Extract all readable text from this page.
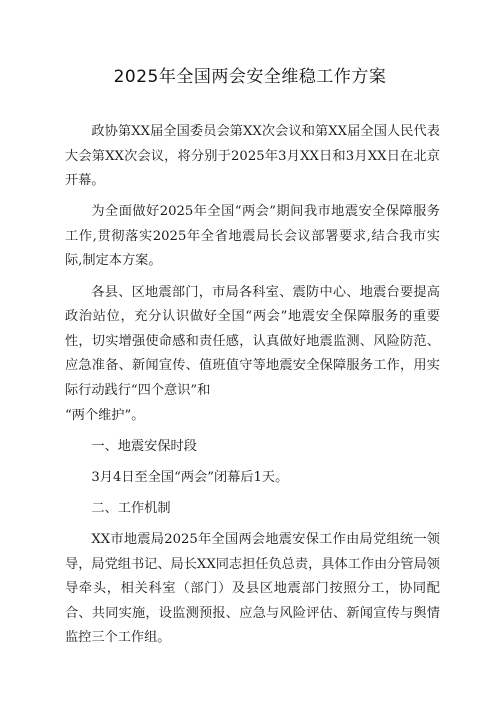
2025年全国两会安全维稳工作方案

政协第XX届全国委员会第XX次会议和第XX届全国人民代表大会第XX次会议，将分别于2025年3月XX日和3月XX日在北京开幕。

为全面做好2025年全国“两会”期间我市地震安全保障服务工作,贯彻落实2025年全省地震局长会议部署要求,结合我市实际,制定本方案。

各县、区地震部门，市局各科室、震防中心、地震台要提高政治站位，充分认识做好全国“两会”地震安全保障服务的重要性，切实增强使命感和责任感，认真做好地震监测、风险防范、应急准备、新闻宣传、值班值守等地震安全保障服务工作，用实际行动践行“四个意识”和

“两个维护”。

一、地震安保时段

3月4日至全国“两会”闭幕后1天。

二、工作机制

XX市地震局2025年全国两会地震安保工作由局党组统一领导，局党组书记、局长XX同志担任负总责，具体工作由分管局领导牵头，相关科室（部门）及县区地震部门按照分工，协同配合、共同实施，设监测预报、应急与风险评估、新闻宣传与舆情监控三个工作组。
